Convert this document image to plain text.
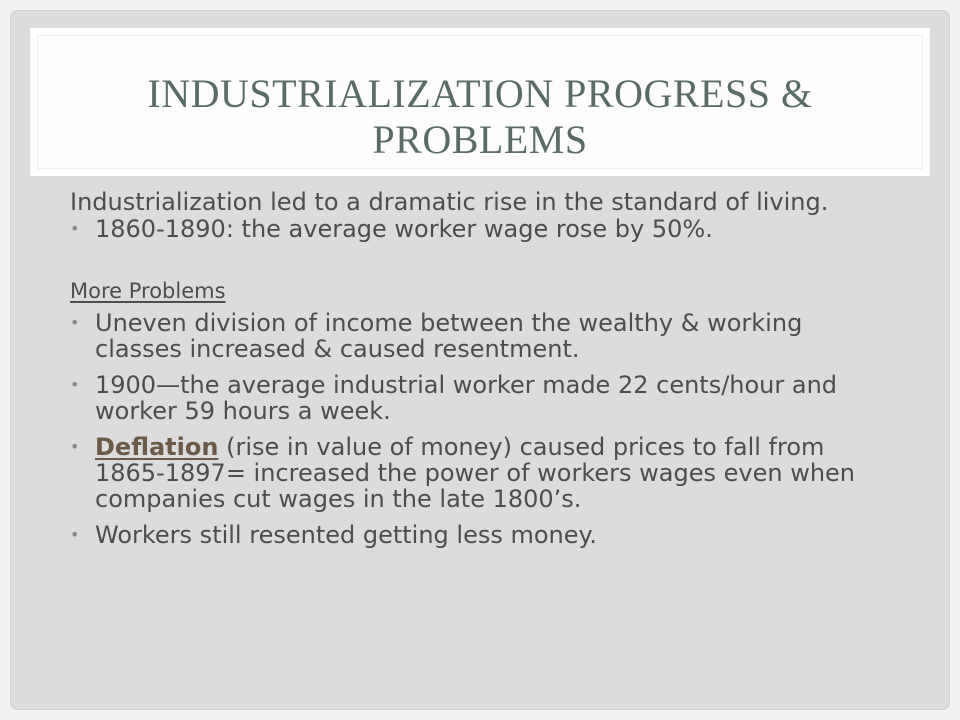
INDUSTRIALIZATION PROGRESS & PROBLEMS

Industrialization led to a dramatic rise in the standard of living.

• 1860-1890: the average worker wage rose by 50%.

More Problems

• Uneven division of income between the wealthy & working classes increased & caused resentment.
• 1900—the average industrial worker made 22 cents/hour and worker 59 hours a week.
• Deflation (rise in value of money) caused prices to fall from 1865-1897= increased the power of workers wages even when companies cut wages in the late 1800’s.
• Workers still resented getting less money.
